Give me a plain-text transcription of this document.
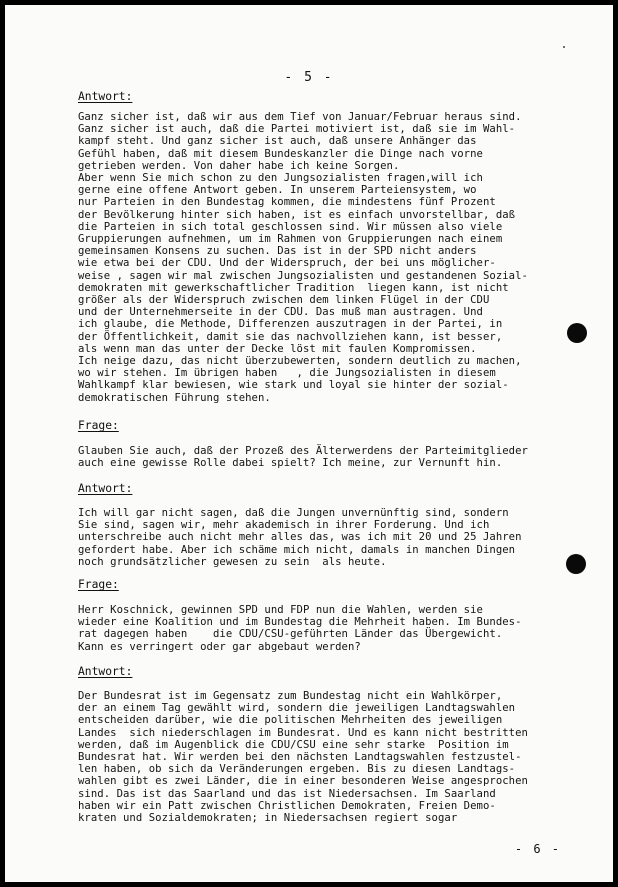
- 5 -
Antwort:
Ganz sicher ist, daß wir aus dem Tief von Januar/Februar heraus sind.
Ganz sicher ist auch, daß die Partei motiviert ist, daß sie im Wahl-
kampf steht. Und ganz sicher ist auch, daß unsere Anhänger das
Gefühl haben, daß mit diesem Bundeskanzler die Dinge nach vorne
getrieben werden. Von daher habe ich keine Sorgen.
Aber wenn Sie mich schon zu den Jungsozialisten fragen,will ich
gerne eine offene Antwort geben. In unserem Parteiensystem, wo
nur Parteien in den Bundestag kommen, die mindestens fünf Prozent
der Bevölkerung hinter sich haben, ist es einfach unvorstellbar, daß
die Parteien in sich total geschlossen sind. Wir müssen also viele
Gruppierungen aufnehmen, um im Rahmen von Gruppierungen nach einem
gemeinsamen Konsens zu suchen. Das ist in der SPD nicht anders
wie etwa bei der CDU. Und der Widerspruch, der bei uns möglicher-
weise , sagen wir mal zwischen Jungsozialisten und gestandenen Sozial-
demokraten mit gewerkschaftlicher Tradition  liegen kann, ist nicht
größer als der Widerspruch zwischen dem linken Flügel in der CDU
und der Unternehmerseite in der CDU. Das muß man austragen. Und
ich glaube, die Methode, Differenzen auszutragen in der Partei, in
der Öffentlichkeit, damit sie das nachvollziehen kann, ist besser,
als wenn man das unter der Decke löst mit faulen Kompromissen.
Ich neige dazu, das nicht überzubewerten, sondern deutlich zu machen,
wo wir stehen. Im übrigen haben   , die Jungsozialisten in diesem
Wahlkampf klar bewiesen, wie stark und loyal sie hinter der sozial-
demokratischen Führung stehen.
Frage:
Glauben Sie auch, daß der Prozeß des Älterwerdens der Parteimitglieder
auch eine gewisse Rolle dabei spielt? Ich meine, zur Vernunft hin.
Antwort:
Ich will gar nicht sagen, daß die Jungen unvernünftig sind, sondern
Sie sind, sagen wir, mehr akademisch in ihrer Forderung. Und ich
unterschreibe auch nicht mehr alles das, was ich mit 20 und 25 Jahren
gefordert habe. Aber ich schäme mich nicht, damals in manchen Dingen
noch grundsätzlicher gewesen zu sein  als heute.
Frage:
Herr Koschnick, gewinnen SPD und FDP nun die Wahlen, werden sie
wieder eine Koalition und im Bundestag die Mehrheit haben. Im Bundes-
rat dagegen haben    die CDU/CSU-geführten Länder das Übergewicht.
Kann es verringert oder gar abgebaut werden?
Antwort:
Der Bundesrat ist im Gegensatz zum Bundestag nicht ein Wahlkörper,
der an einem Tag gewählt wird, sondern die jeweiligen Landtagswahlen
entscheiden darüber, wie die politischen Mehrheiten des jeweiligen
Landes  sich niederschlagen im Bundesrat. Und es kann nicht bestritten
werden, daß im Augenblick die CDU/CSU eine sehr starke  Position im
Bundesrat hat. Wir werden bei den nächsten Landtagswahlen festzustel-
len haben, ob sich da Veränderungen ergeben. Bis zu diesen Landtags-
wahlen gibt es zwei Länder, die in einer besonderen Weise angesprochen
sind. Das ist das Saarland und das ist Niedersachsen. Im Saarland
haben wir ein Patt zwischen Christlichen Demokraten, Freien Demo-
kraten und Sozialdemokraten; in Niedersachsen regiert sogar
- 6 -
